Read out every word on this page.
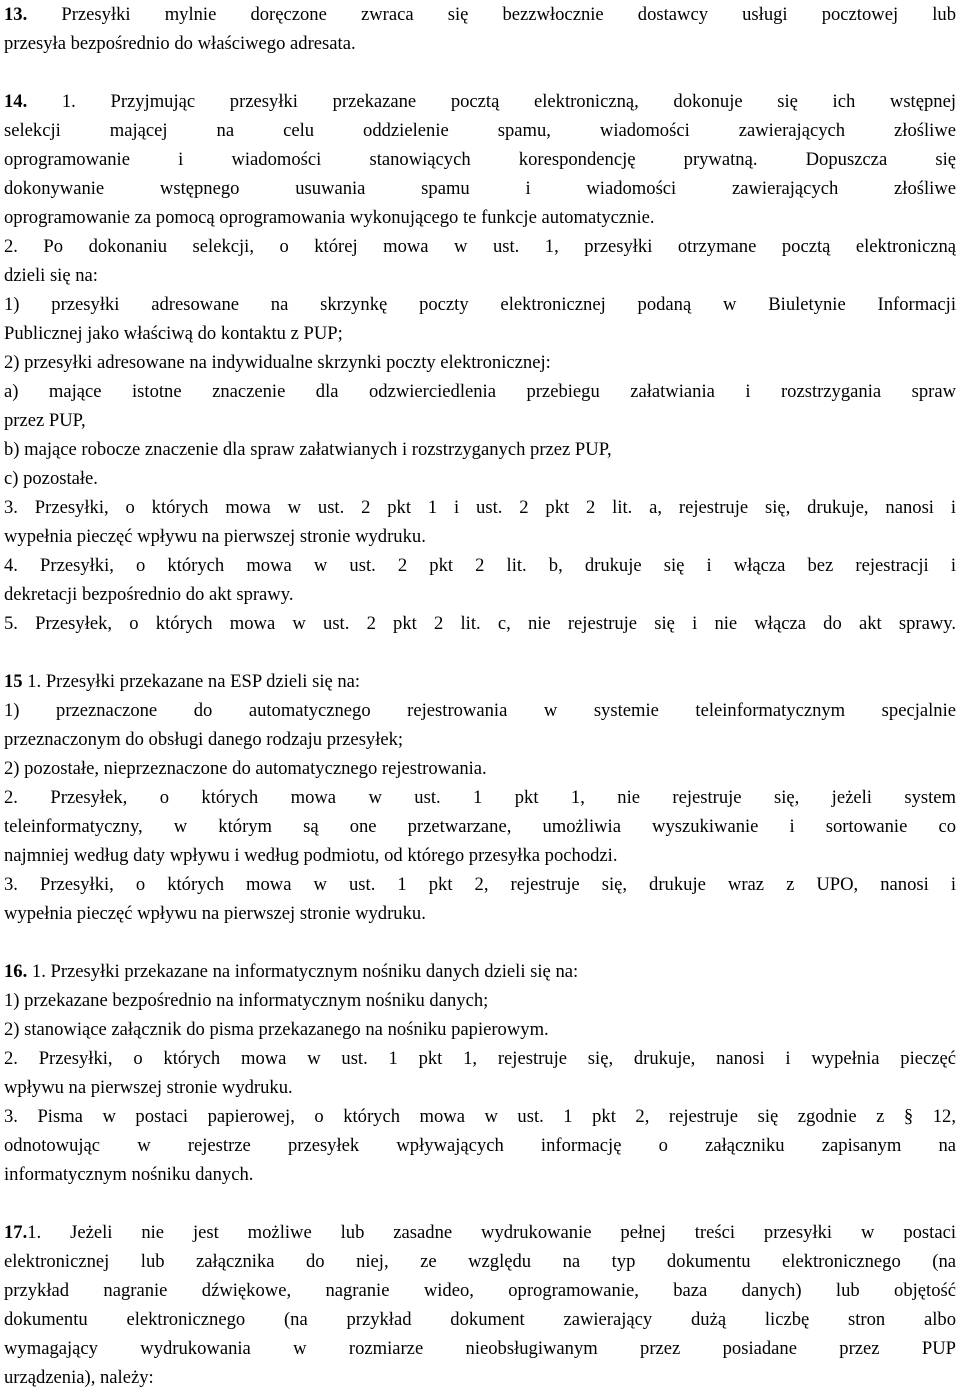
13. Przesyłki mylnie doręczone zwraca się bezzwłocznie dostawcy usługi pocztowej lub
przesyła bezpośrednio do właściwego adresata.
14. 1. Przyjmując przesyłki przekazane pocztą elektroniczną, dokonuje się ich wstępnej
selekcji mającej na celu oddzielenie spamu, wiadomości zawierających złośliwe
oprogramowanie i wiadomości stanowiących korespondencję prywatną. Dopuszcza się
dokonywanie wstępnego usuwania spamu i wiadomości zawierających złośliwe
oprogramowanie za pomocą oprogramowania wykonującego te funkcje automatycznie.
2. Po dokonaniu selekcji, o której mowa w ust. 1, przesyłki otrzymane pocztą elektroniczną
dzieli się na:
1) przesyłki adresowane na skrzynkę poczty elektronicznej podaną w Biuletynie Informacji
Publicznej jako właściwą do kontaktu z PUP;
2) przesyłki adresowane na indywidualne skrzynki poczty elektronicznej:
a) mające istotne znaczenie dla odzwierciedlenia przebiegu załatwiania i rozstrzygania spraw
przez PUP,
b) mające robocze znaczenie dla spraw załatwianych i rozstrzyganych przez PUP,
c) pozostałe.
3. Przesyłki, o których mowa w ust. 2 pkt 1 i ust. 2 pkt 2 lit. a, rejestruje się, drukuje, nanosi i
wypełnia pieczęć wpływu na pierwszej stronie wydruku.
4. Przesyłki, o których mowa w ust. 2 pkt 2 lit. b, drukuje się i włącza bez rejestracji i
dekretacji bezpośrednio do akt sprawy.
5. Przesyłek, o których mowa w ust. 2 pkt 2 lit. c, nie rejestruje się i nie włącza do akt sprawy.
15 1. Przesyłki przekazane na ESP dzieli się na:
1) przeznaczone do automatycznego rejestrowania w systemie teleinformatycznym specjalnie
przeznaczonym do obsługi danego rodzaju przesyłek;
2) pozostałe, nieprzeznaczone do automatycznego rejestrowania.
2. Przesyłek, o których mowa w ust. 1 pkt 1, nie rejestruje się, jeżeli system
teleinformatyczny, w którym są one przetwarzane, umożliwia wyszukiwanie i sortowanie co
najmniej według daty wpływu i według podmiotu, od którego przesyłka pochodzi.
3. Przesyłki, o których mowa w ust. 1 pkt 2, rejestruje się, drukuje wraz z UPO, nanosi i
wypełnia pieczęć wpływu na pierwszej stronie wydruku.
16. 1. Przesyłki przekazane na informatycznym nośniku danych dzieli się na:
1) przekazane bezpośrednio na informatycznym nośniku danych;
2) stanowiące załącznik do pisma przekazanego na nośniku papierowym.
2. Przesyłki, o których mowa w ust. 1 pkt 1, rejestruje się, drukuje, nanosi i wypełnia pieczęć
wpływu na pierwszej stronie wydruku.
3. Pisma w postaci papierowej, o których mowa w ust. 1 pkt 2, rejestruje się zgodnie z § 12,
odnotowując w rejestrze przesyłek wpływających informację o załączniku zapisanym na
informatycznym nośniku danych.
17.1. Jeżeli nie jest możliwe lub zasadne wydrukowanie pełnej treści przesyłki w postaci
elektronicznej lub załącznika do niej, ze względu na typ dokumentu elektronicznego (na
przykład nagranie dźwiękowe, nagranie wideo, oprogramowanie, baza danych) lub objętość
dokumentu elektronicznego (na przykład dokument zawierający dużą liczbę stron albo
wymagający wydrukowania w rozmiarze nieobsługiwanym przez posiadane przez PUP
urządzenia), należy:
